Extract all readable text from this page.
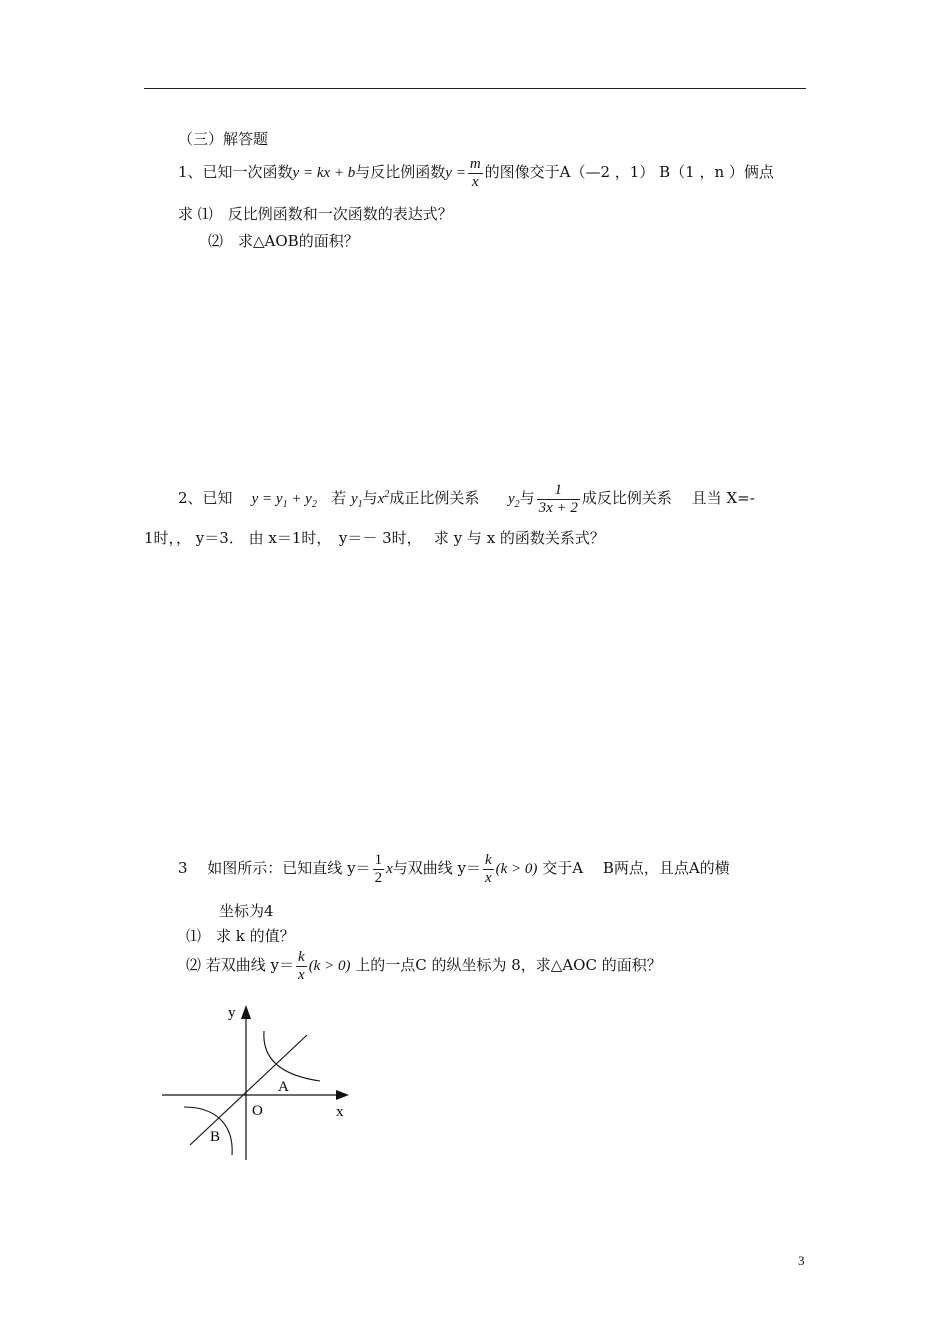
（三）解答题
1、已知一次函数y = kx + b与反比例函数$y = \frac{m}{x}$ 的图像交于A（—2 ，1） B（1 ，n ）俩点
求 ⑴　反比例函数和一次函数的表达式？
⑵　求△AOB的面积？
2、已知 $y = y_1 + y_2$ 若 $y_1$与$x^2$成正比例关系 $y_2$与 $\frac{1}{3x + 2}$ 成反比例关系　 且当 X=-
1时，， y＝3． 由 x＝1时，　y＝－ 3时，　 求 y 与 x 的函数关系式？
3　 如图所示：已知直线 $y= \frac{1}{2}$ x与双曲线 $y= \frac{k}{x} (k > 0)$ 交于A　 B两点，且点A的横
坐标为4
⑴　求 k 的值？
⑵ 若双曲线 $y= \frac{k}{x} (k > 0)$ 上的一点C 的纵坐标为 8，求△AOC 的面积？
y
x
O
A
B
3
